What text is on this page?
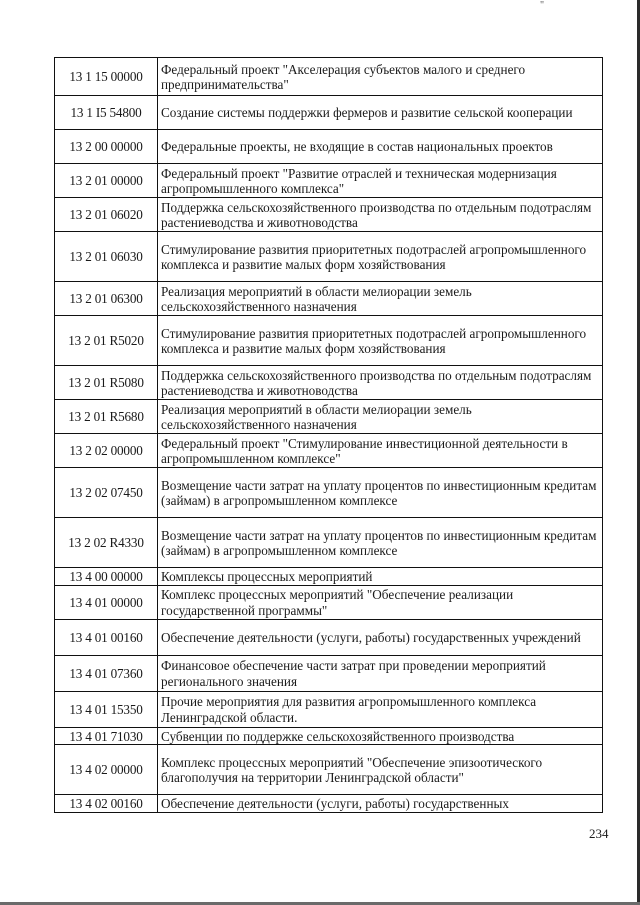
"
13 1 15 00000	Федеральный проект "Акселерация субъектов малого и среднего предпринимательства"
13 1 I5 54800	Создание системы поддержки фермеров и развитие сельской кооперации
13 2 00 00000	Федеральные проекты, не входящие в состав национальных проектов
13 2 01 00000	Федеральный проект "Развитие отраслей и техническая модернизация агропромышленного комплекса"
13 2 01 06020	Поддержка сельскохозяйственного производства по отдельным подотраслям растениеводства и животноводства
13 2 01 06030	Стимулирование развития приоритетных подотраслей агропромышленного комплекса и развитие малых форм хозяйствования
13 2 01 06300	Реализация мероприятий в области мелиорации земель сельскохозяйственного назначения
13 2 01 R5020	Стимулирование развития приоритетных подотраслей агропромышленного комплекса и развитие малых форм хозяйствования
13 2 01 R5080	Поддержка сельскохозяйственного производства по отдельным подотраслям растениеводства и животноводства
13 2 01 R5680	Реализация мероприятий в области мелиорации земель сельскохозяйственного назначения
13 2 02 00000	Федеральный проект "Стимулирование инвестиционной деятельности в агропромышленном комплексе"
13 2 02 07450	Возмещение части затрат на уплату процентов по инвестиционным кредитам (займам) в агропромышленном комплексе
13 2 02 R4330	Возмещение части затрат на уплату процентов по инвестиционным кредитам (займам) в агропромышленном комплексе
13 4 00 00000	Комплексы процессных мероприятий
13 4 01 00000	Комплекс процессных мероприятий "Обеспечение реализации государственной программы"
13 4 01 00160	Обеспечение деятельности (услуги, работы) государственных учреждений
13 4 01 07360	Финансовое обеспечение части затрат при проведении мероприятий регионального значения
13 4 01 15350	Прочие мероприятия для развития агропромышленного комплекса Ленинградской области.
13 4 01 71030	Субвенции по поддержке сельскохозяйственного производства
13 4 02 00000	Комплекс процессных мероприятий "Обеспечение эпизоотического благополучия на территории Ленинградской области"
13 4 02 00160	Обеспечение деятельности (услуги, работы) государственных
234
